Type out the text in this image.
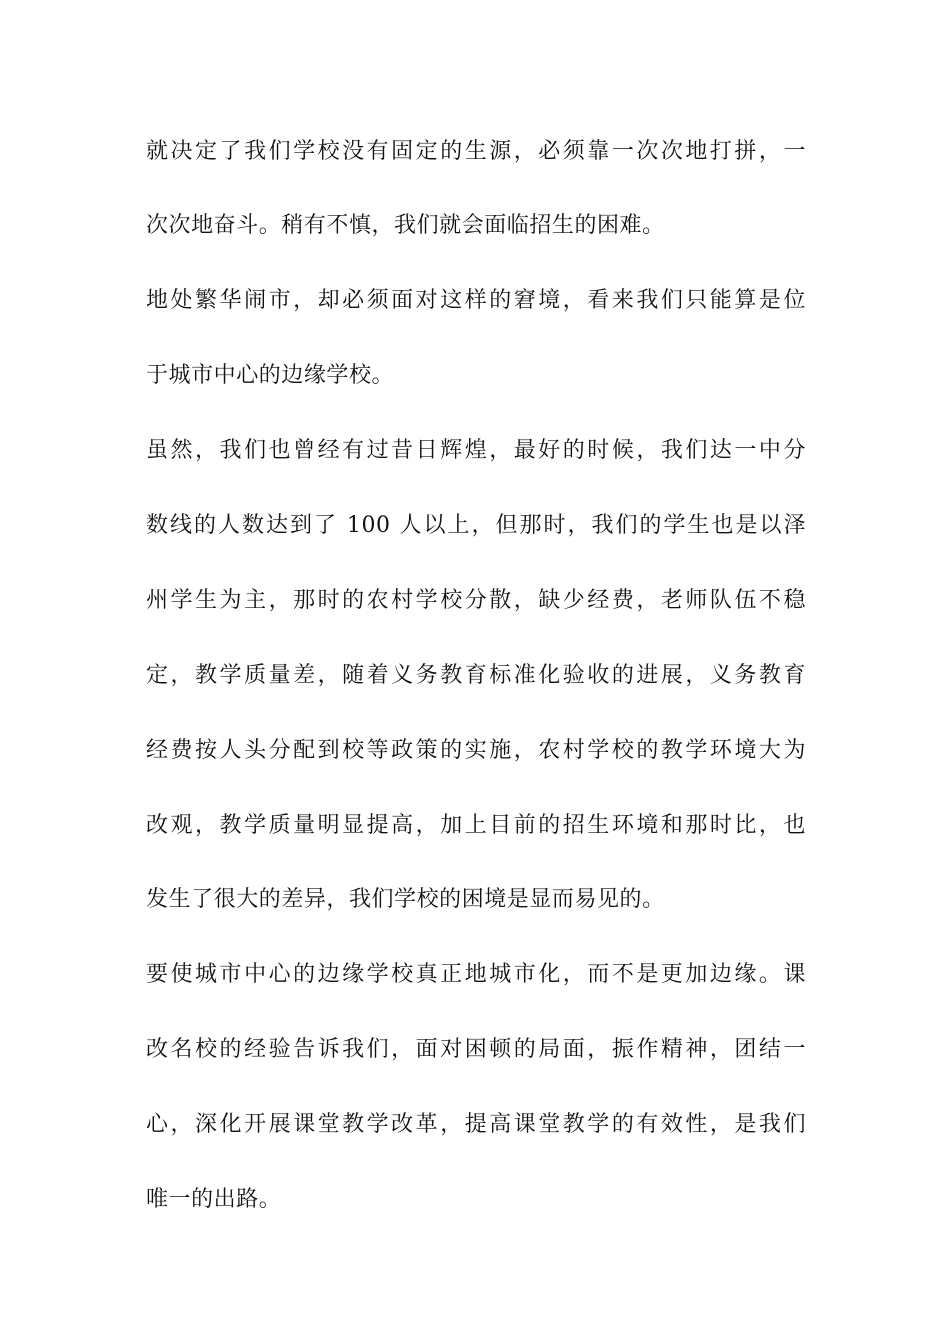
就决定了我们学校没有固定的生源，必须靠一次次地打拼，一

次次地奋斗。稍有不慎，我们就会面临招生的困难。

地处繁华闹市，却必须面对这样的窘境，看来我们只能算是位

于城市中心的边缘学校。

虽然，我们也曾经有过昔日辉煌，最好的时候，我们达一中分

数线的人数达到了 100 人以上，但那时，我们的学生也是以泽

州学生为主，那时的农村学校分散，缺少经费，老师队伍不稳

定，教学质量差，随着义务教育标准化验收的进展，义务教育

经费按人头分配到校等政策的实施，农村学校的教学环境大为

改观，教学质量明显提高，加上目前的招生环境和那时比，也

发生了很大的差异，我们学校的困境是显而易见的。

要使城市中心的边缘学校真正地城市化，而不是更加边缘。课

改名校的经验告诉我们，面对困顿的局面，振作精神，团结一

心，深化开展课堂教学改革，提高课堂教学的有效性，是我们

唯一的出路。
